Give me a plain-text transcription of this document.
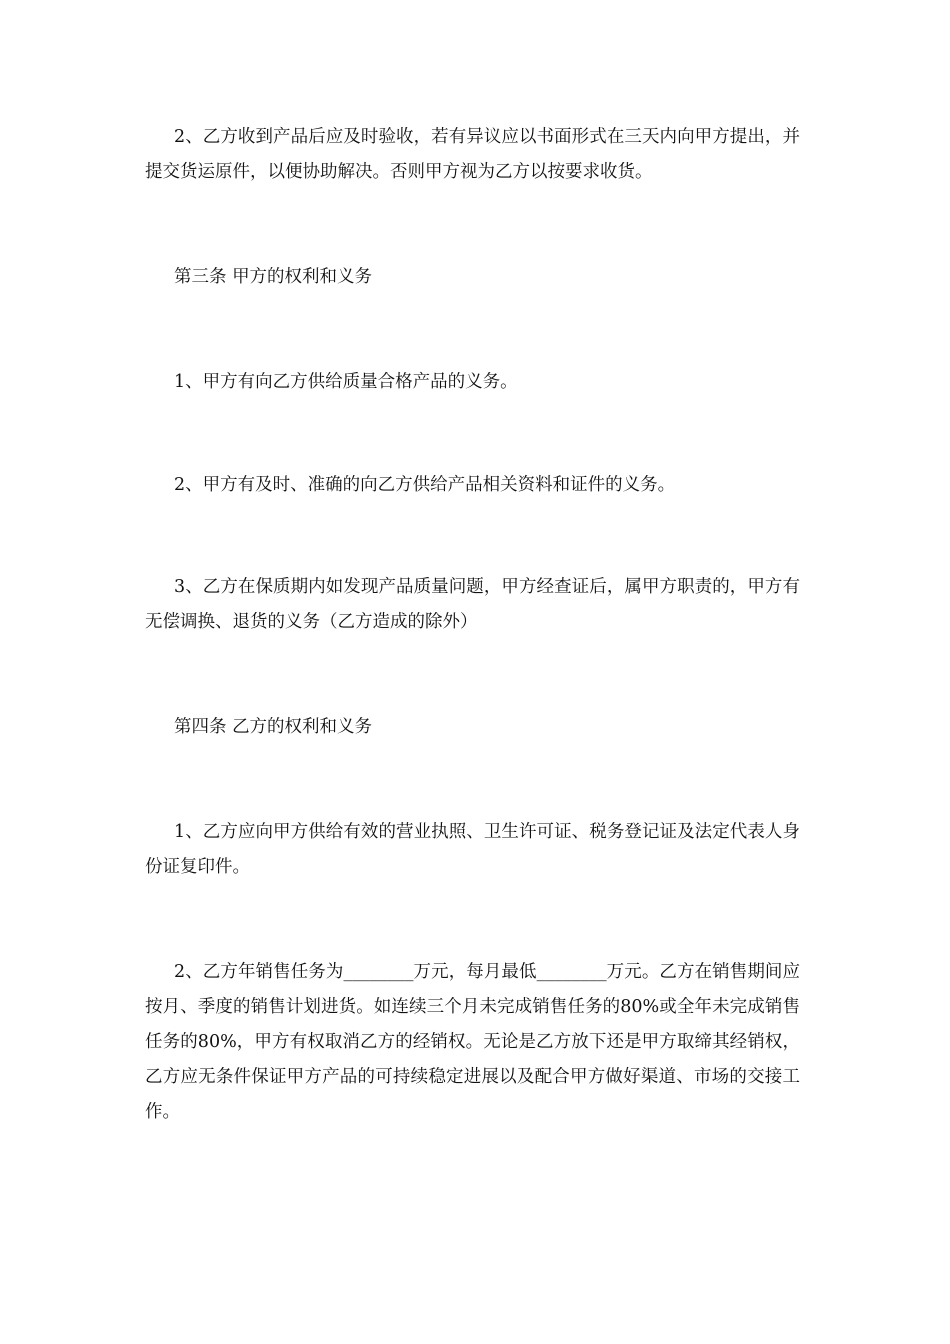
2、乙方收到产品后应及时验收，若有异议应以书面形式在三天内向甲方提出，并提交货运原件，以便协助解决。否则甲方视为乙方以按要求收货。

第三条 甲方的权利和义务

1、甲方有向乙方供给质量合格产品的义务。

2、甲方有及时、准确的向乙方供给产品相关资料和证件的义务。

3、乙方在保质期内如发现产品质量问题，甲方经查证后，属甲方职责的，甲方有无偿调换、退货的义务（乙方造成的除外）

第四条 乙方的权利和义务

1、乙方应向甲方供给有效的营业执照、卫生许可证、税务登记证及法定代表人身份证复印件。

2、乙方年销售任务为________万元，每月最低________万元。乙方在销售期间应按月、季度的销售计划进货。如连续三个月未完成销售任务的80%或全年未完成销售任务的80%，甲方有权取消乙方的经销权。无论是乙方放下还是甲方取缔其经销权，乙方应无条件保证甲方产品的可持续稳定进展以及配合甲方做好渠道、市场的交接工作。
